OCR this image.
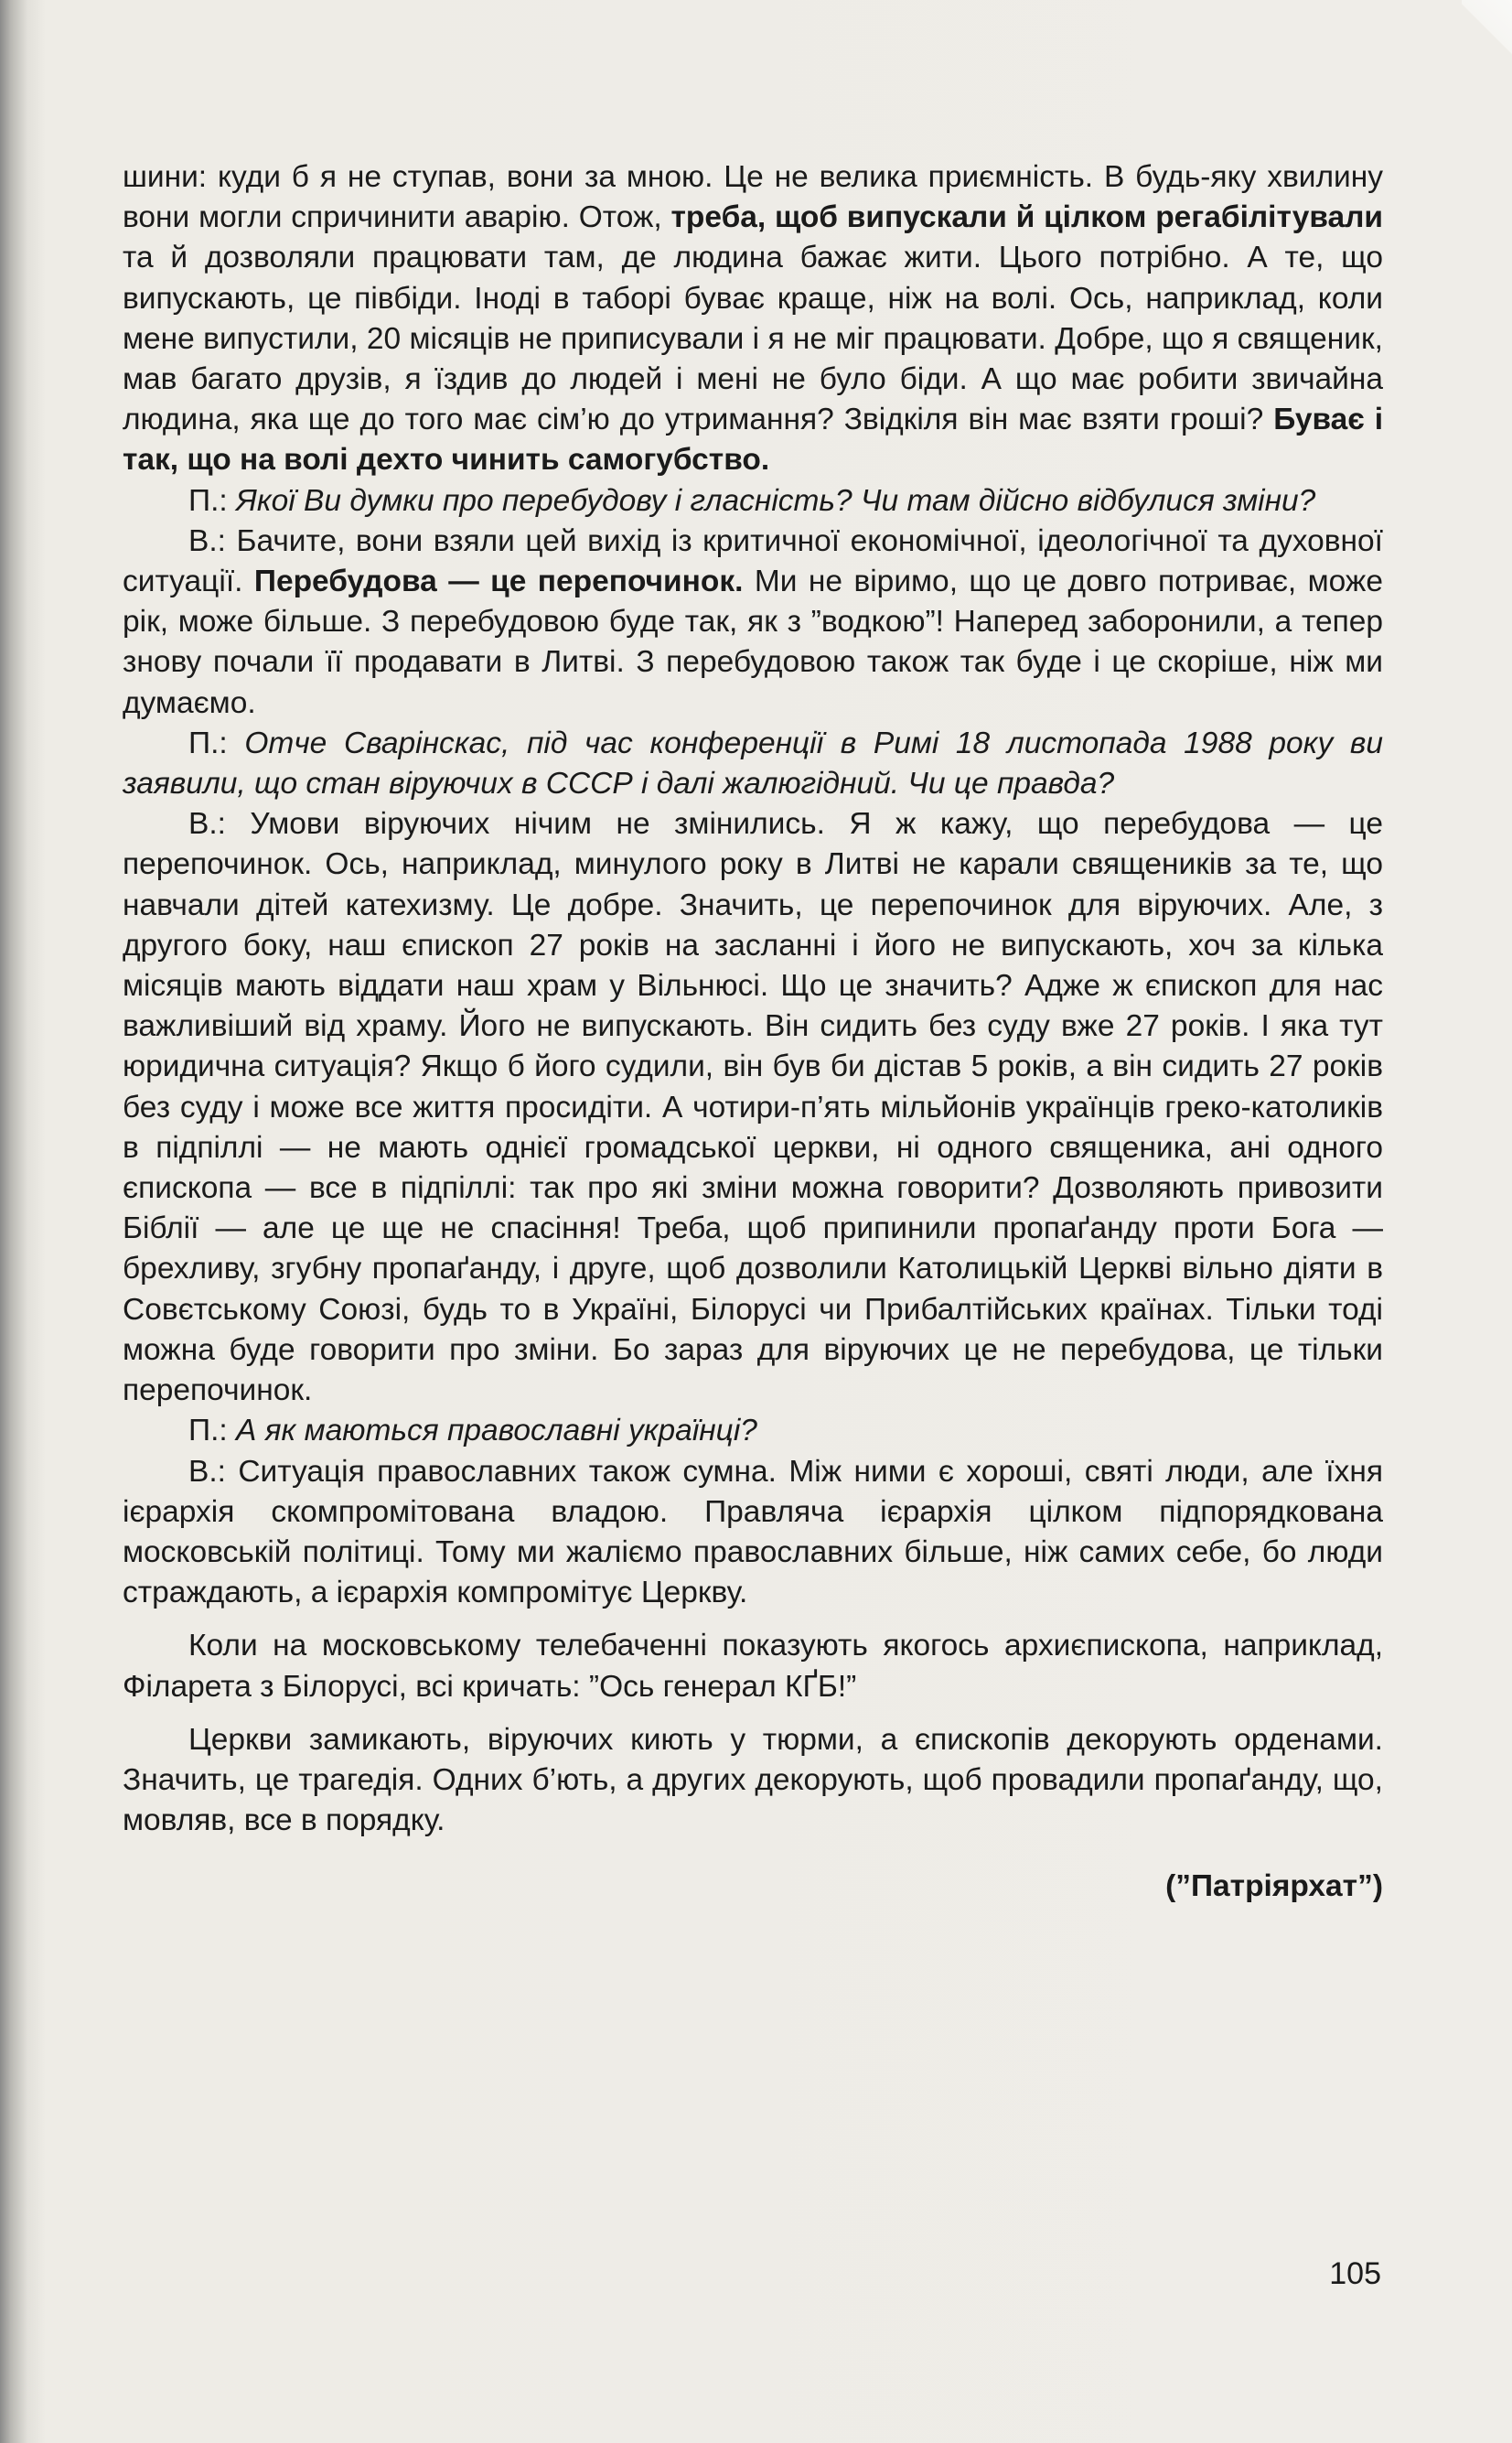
шини: куди б я не ступав, вони за мною. Це не велика приємність. В будь-яку хвилину вони могли спричинити аварію. Отож, треба, щоб випускали й цілком регабілітували та й дозволяли працювати там, де людина бажає жити. Цього потрібно. А те, що випускають, це півбіди. Іноді в таборі буває краще, ніж на волі. Ось, наприклад, коли мене випустили, 20 місяців не приписували і я не міг працювати. Добре, що я священик, мав багато друзів, я їздив до людей і мені не було біди. А що має робити звичайна людина, яка ще до того має сім’ю до утримання? Звідкіля він має взяти гроші? Буває і так, що на волі дехто чинить самогубство.

П.: Якої Ви думки про перебудову і гласність? Чи там дійсно відбулися зміни?

В.: Бачите, вони взяли цей вихід із критичної економічної, ідеологічної та духовної ситуації. Перебудова — це перепочинок. Ми не віримо, що це довго потриває, може рік, може більше. З перебудовою буде так, як з ”водкою”! Наперед заборонили, а тепер знову почали її продавати в Литві. З перебудовою також так буде і це скоріше, ніж ми думаємо.

П.: Отче Сварінскас, під час конференції в Римі 18 листопада 1988 року ви заявили, що стан віруючих в СССР і далі жалюгідний. Чи це правда?

В.: Умови віруючих нічим не змінились. Я ж кажу, що перебудова — це перепочинок. Ось, наприклад, минулого року в Литві не карали священиків за те, що навчали дітей катехизму. Це добре. Значить, це перепочинок для віруючих. Але, з другого боку, наш єпископ 27 років на засланні і його не випускають, хоч за кілька місяців мають віддати наш храм у Вільнюсі. Що це значить? Адже ж єпископ для нас важливіший від храму. Його не випускають. Він сидить без суду вже 27 років. І яка тут юридична ситуація? Якщо б його судили, він був би дістав 5 років, а він сидить 27 років без суду і може все життя просидіти. А чотири-п’ять мільйонів українців греко-католиків в підпіллі — не мають однієї громадської церкви, ні одного священика, ані одного єпископа — все в підпіллі: так про які зміни можна говорити? Дозволяють привозити Біблії — але це ще не спасіння! Треба, щоб припинили пропаґанду проти Бога — брехливу, згубну пропаґанду, і друге, щоб дозволили Католицькій Церкві вільно діяти в Совєтському Союзі, будь то в Україні, Білорусі чи Прибалтійських країнах. Тільки тоді можна буде говорити про зміни. Бо зараз для віруючих це не перебудова, це тільки перепочинок.

П.: А як маються православні українці?

В.: Ситуація православних також сумна. Між ними є хороші, святі люди, але їхня ієрархія скомпромітована владою. Правляча ієрархія цілком підпорядкована московській політиці. Тому ми жаліємо православних більше, ніж самих себе, бо люди страждають, а ієрархія компромітує Церкву.

Коли на московському телебаченні показують якогось архиєпископа, наприклад, Філарета з Білорусі, всі кричать: ”Ось генерал КҐБ!”

Церкви замикають, віруючих киють у тюрми, а єпископів декорують орденами. Значить, це трагедія. Одних б’ють, а других декорують, щоб провадили пропаґанду, що, мовляв, все в порядку.

(”Патріярхат”)

105
